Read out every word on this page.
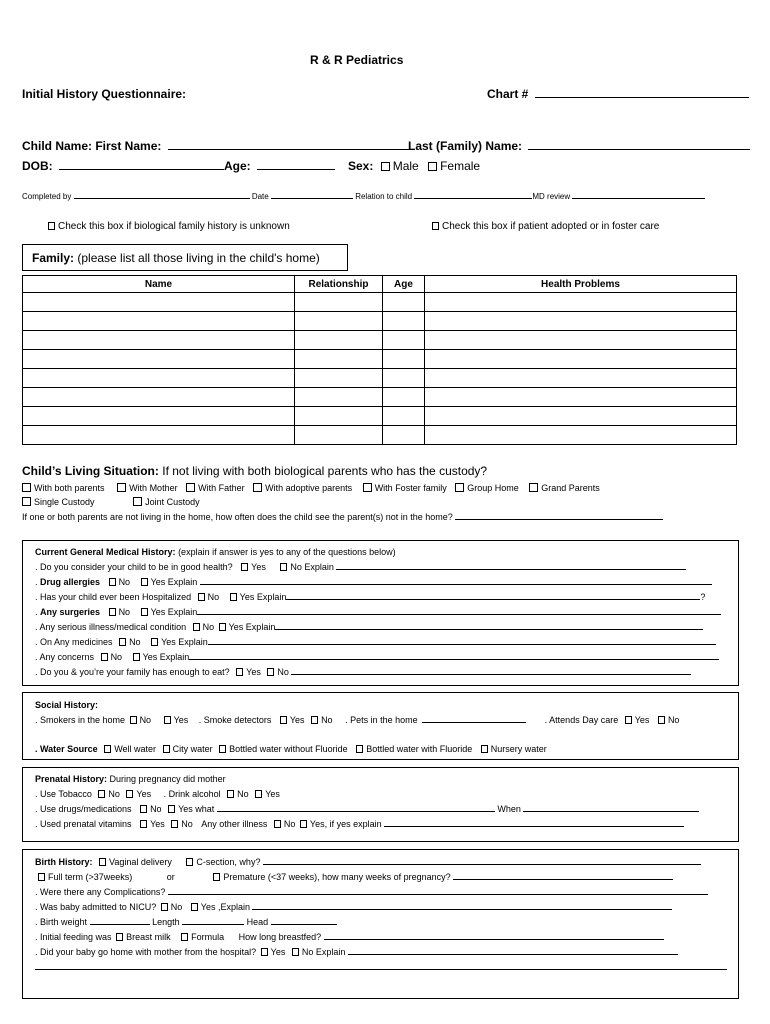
R & R Pediatrics
Initial History Questionnaire:	Chart #
Child Name: First Name:	Last (Family) Name:
DOB:	Age:	Sex: Male Female
Completed by	Date	Relation to child	MD review
Check this box if biological family history is unknown	Check this box if patient adopted or in foster care
Family: (please list all those living in the child's home)
Name	Relationship	Age	Health Problems

Child’s Living Situation: If not living with both biological parents who has the custody?
With both parents	With Mother With Father With adoptive parents	With Foster family Group Home	Grand Parents
Single Custody	Joint Custody
If one or both parents are not living in the home, how often does the child see the parent(s) not in the home?
Current General Medical History: (explain if answer is yes to any of the questions below)
. Do you consider your child to be in good health? Yes	No Explain
. Drug allergies No Yes Explain
. Has your child ever been Hospitalized No Yes Explain	?
. Any surgeries No Yes Explain
. Any serious illness/medical condition No Yes Explain
. On Any medicines No Yes Explain
. Any concerns No Yes Explain
. Do you & you’re your family has enough to eat? Yes No
Social History:
. Smokers in the home No	Yes . Smoke detectors Yes No . Pets in the home	. Attends Day care Yes No
. Water Source Well water City water Bottled water without Fluoride Bottled water with Fluoride Nursery water
Prenatal History: During pregnancy did mother
. Use Tobacco No Yes . Drink alcohol No Yes
. Use drugs/medications No Yes what	When
. Used prenatal vitamins Yes No Any other illness No Yes, if yes explain
Birth History: Vaginal delivery	C-section, why?
Full term (>37weeks)	or	Premature (<37 weeks), how many weeks of pregnancy?
. Were there any Complications?
. Was baby admitted to NICU? No Yes ,Explain
. Birth weight	Length	Head
. Initial feeding was Breast milk Formula How long breastfed?
. Did your baby go home with mother from the hospital? Yes No Explain
